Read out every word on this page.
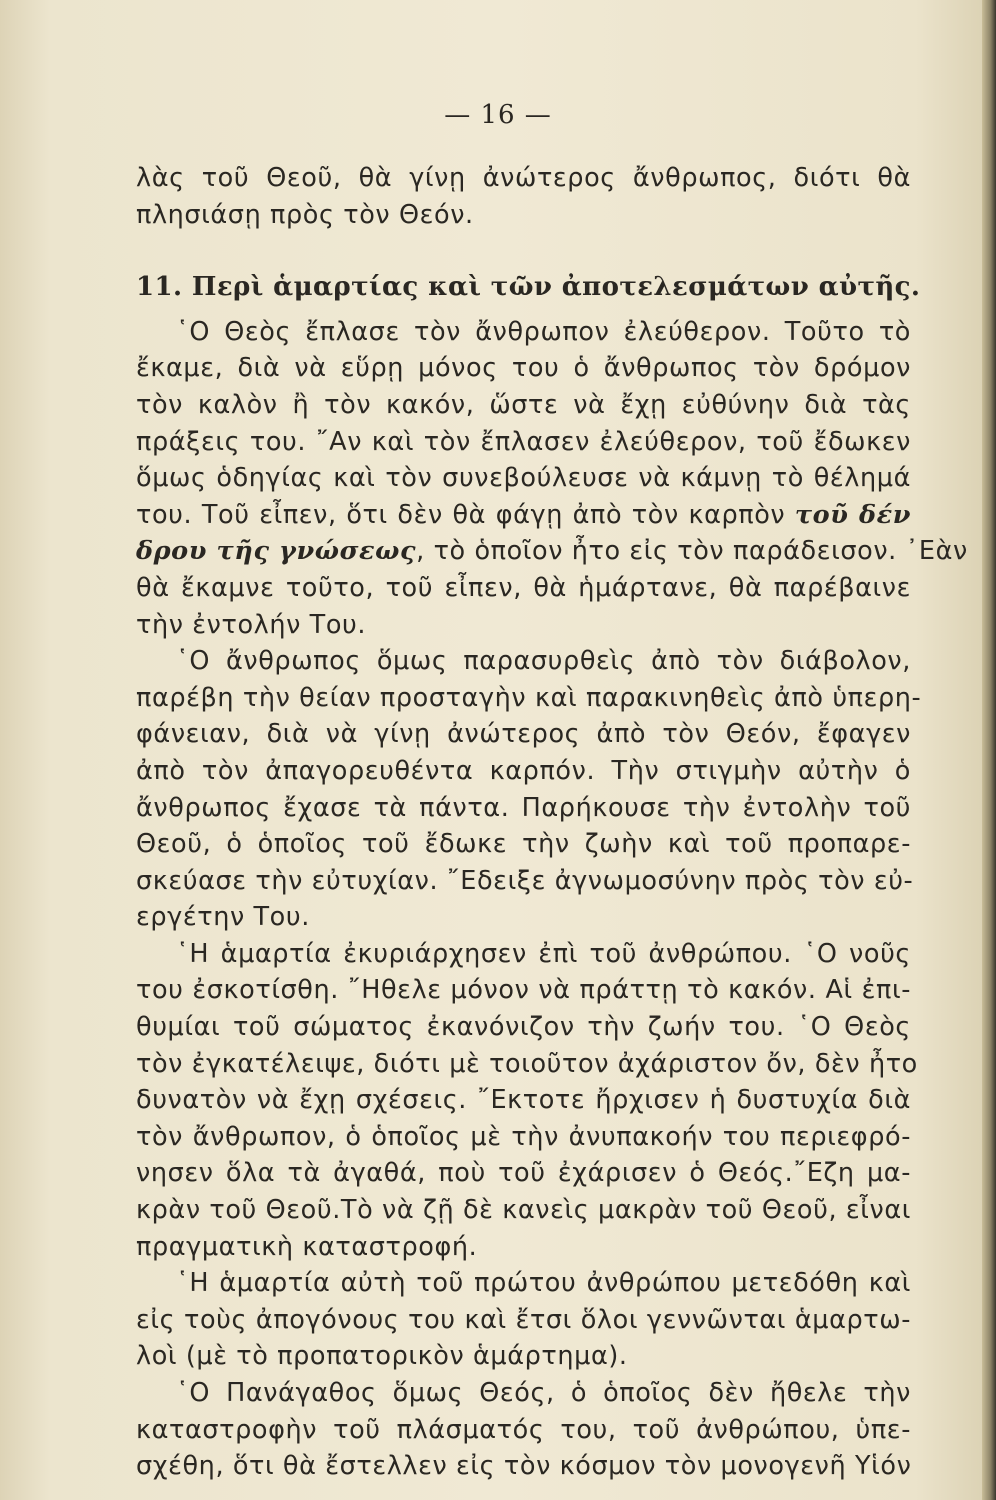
— 16 —
λὰς τοῦ Θεοῦ, θὰ γίνῃ ἀνώτερος ἄνθρωπος, διότι θὰ
πλησιάσῃ πρὸς τὸν Θεόν.
11. Περὶ ἁμαρτίας καὶ τῶν ἀποτελεσμάτων αὐτῆς.
῾Ο Θεὸς ἔπλασε τὸν ἄνθρωπον ἐλεύθερον. Τοῦτο τὸ
ἔκαμε, διὰ νὰ εὕρῃ μόνος του ὁ ἄνθρωπος τὸν δρόμον
τὸν καλὸν ἢ τὸν κακόν, ὥστε νὰ ἔχῃ εὐθύνην διὰ τὰς
πράξεις του. ῎Αν καὶ τὸν ἔπλασεν ἐλεύθερον, τοῦ ἔδωκεν
ὅμως ὁδηγίας καὶ τὸν συνεβούλευσε νὰ κάμνῃ τὸ θέλημά
του. Τοῦ εἶπεν, ὅτι δὲν θὰ φάγῃ ἀπὸ τὸν καρπὸν τοῦ δέν
δρου τῆς γνώσεως, τὸ ὁποῖον ἦτο εἰς τὸν παράδεισον. ᾿Εὰν
θὰ ἔκαμνε τοῦτο, τοῦ εἶπεν, θὰ ἡμάρτανε, θὰ παρέβαινε
τὴν ἐντολήν Του.
῾Ο ἄνθρωπος ὅμως παρασυρθεὶς ἀπὸ τὸν διάβολον,
παρέβη τὴν θείαν προσταγὴν καὶ παρακινηθεὶς ἀπὸ ὑπερη-
φάνειαν, διὰ νὰ γίνῃ ἀνώτερος ἀπὸ τὸν Θεόν, ἔφαγεν
ἀπὸ τὸν ἀπαγορευθέντα καρπόν. Τὴν στιγμὴν αὐτὴν ὁ
ἄνθρωπος ἔχασε τὰ πάντα. Παρήκουσε τὴν ἐντολὴν τοῦ
Θεοῦ, ὁ ὁποῖος τοῦ ἔδωκε τὴν ζωὴν καὶ τοῦ προπαρε-
σκεύασε τὴν εὐτυχίαν. ῎Εδειξε ἀγνωμοσύνην πρὸς τὸν εὐ-
εργέτην Του.
῾Η ἁμαρτία ἐκυριάρχησεν ἐπὶ τοῦ ἀνθρώπου. ῾Ο νοῦς
του ἐσκοτίσθη. ῎Ηθελε μόνον νὰ πράττῃ τὸ κακόν. Αἱ ἐπι-
θυμίαι τοῦ σώματος ἐκανόνιζον τὴν ζωήν του. ῾Ο Θεὸς
τὸν ἐγκατέλειψε, διότι μὲ τοιοῦτον ἀχάριστον ὄν, δὲν ἦτο
δυνατὸν νὰ ἔχῃ σχέσεις. ῎Εκτοτε ἤρχισεν ἡ δυστυχία διὰ
τὸν ἄνθρωπον, ὁ ὁποῖος μὲ τὴν ἀνυπακοήν του περιεφρό-
νησεν ὅλα τὰ ἀγαθά, ποὺ τοῦ ἐχάρισεν ὁ Θεός.῎Εζη μα-
κρὰν τοῦ Θεοῦ.Τὸ νὰ ζῇ δὲ κανεὶς μακρὰν τοῦ Θεοῦ, εἶναι
πραγματικὴ καταστροφή.
῾Η ἁμαρτία αὐτὴ τοῦ πρώτου ἀνθρώπου μετεδόθη καὶ
εἰς τοὺς ἀπογόνους του καὶ ἔτσι ὅλοι γεννῶνται ἁμαρτω-
λοὶ (μὲ τὸ προπατορικὸν ἁμάρτημα).
῾Ο Πανάγαθος ὅμως Θεός, ὁ ὁποῖος δὲν ἤθελε τὴν
καταστροφὴν τοῦ πλάσματός του, τοῦ ἀνθρώπου, ὑπε-
σχέθη, ὅτι θὰ ἔστελλεν εἰς τὸν κόσμον τὸν μονογενῆ Υἱόν
